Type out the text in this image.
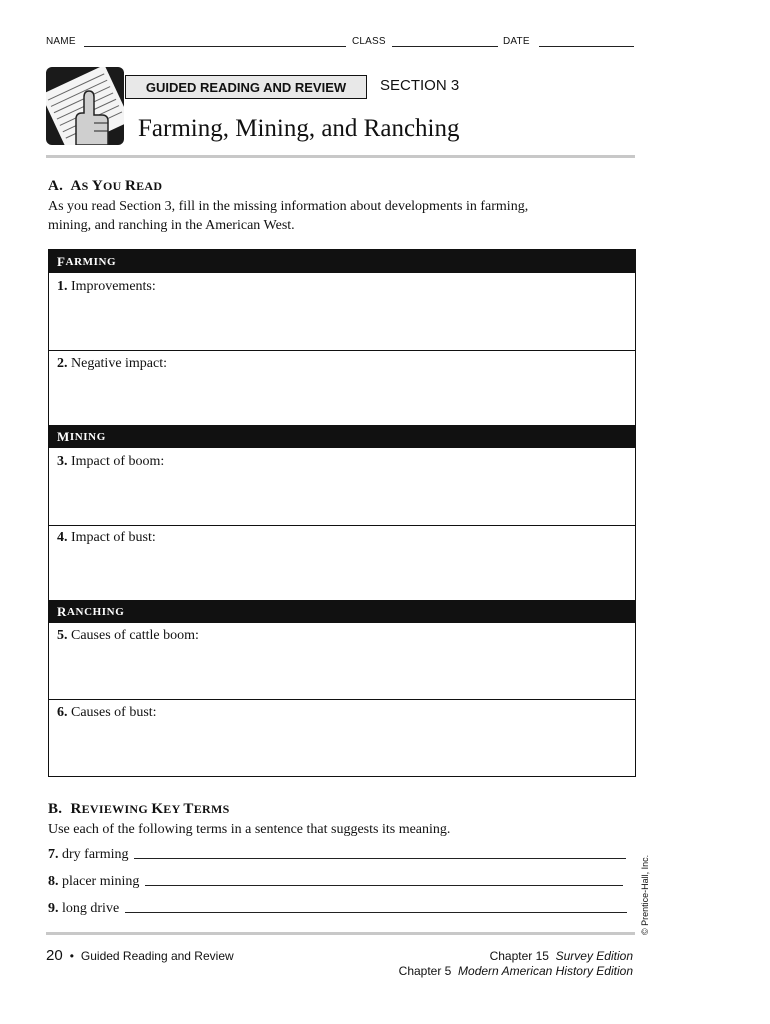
NAME	CLASS	DATE
GUIDED READING AND REVIEW SECTION 3
Farming, Mining, and Ranching
A. AS YOU READ
As you read Section 3, fill in the missing information about developments in farming, mining, and ranching in the American West.
F ARMING
1. Improvements:
2. Negative impact:
M INING
3. Impact of boom:
4. Impact of bust:
R ANCHING
5. Causes of cattle boom:
6. Causes of bust:
B. REVIEWING KEY TERMS
Use each of the following terms in a sentence that suggests its meaning.
7.
dry farming
8.
placer mining
9.
long drive	© Prentice-Hall, Inc.
20 • Guided Reading and Review	Chapter 15 Survey Edition
Chapter 5 Modern American History Edition
